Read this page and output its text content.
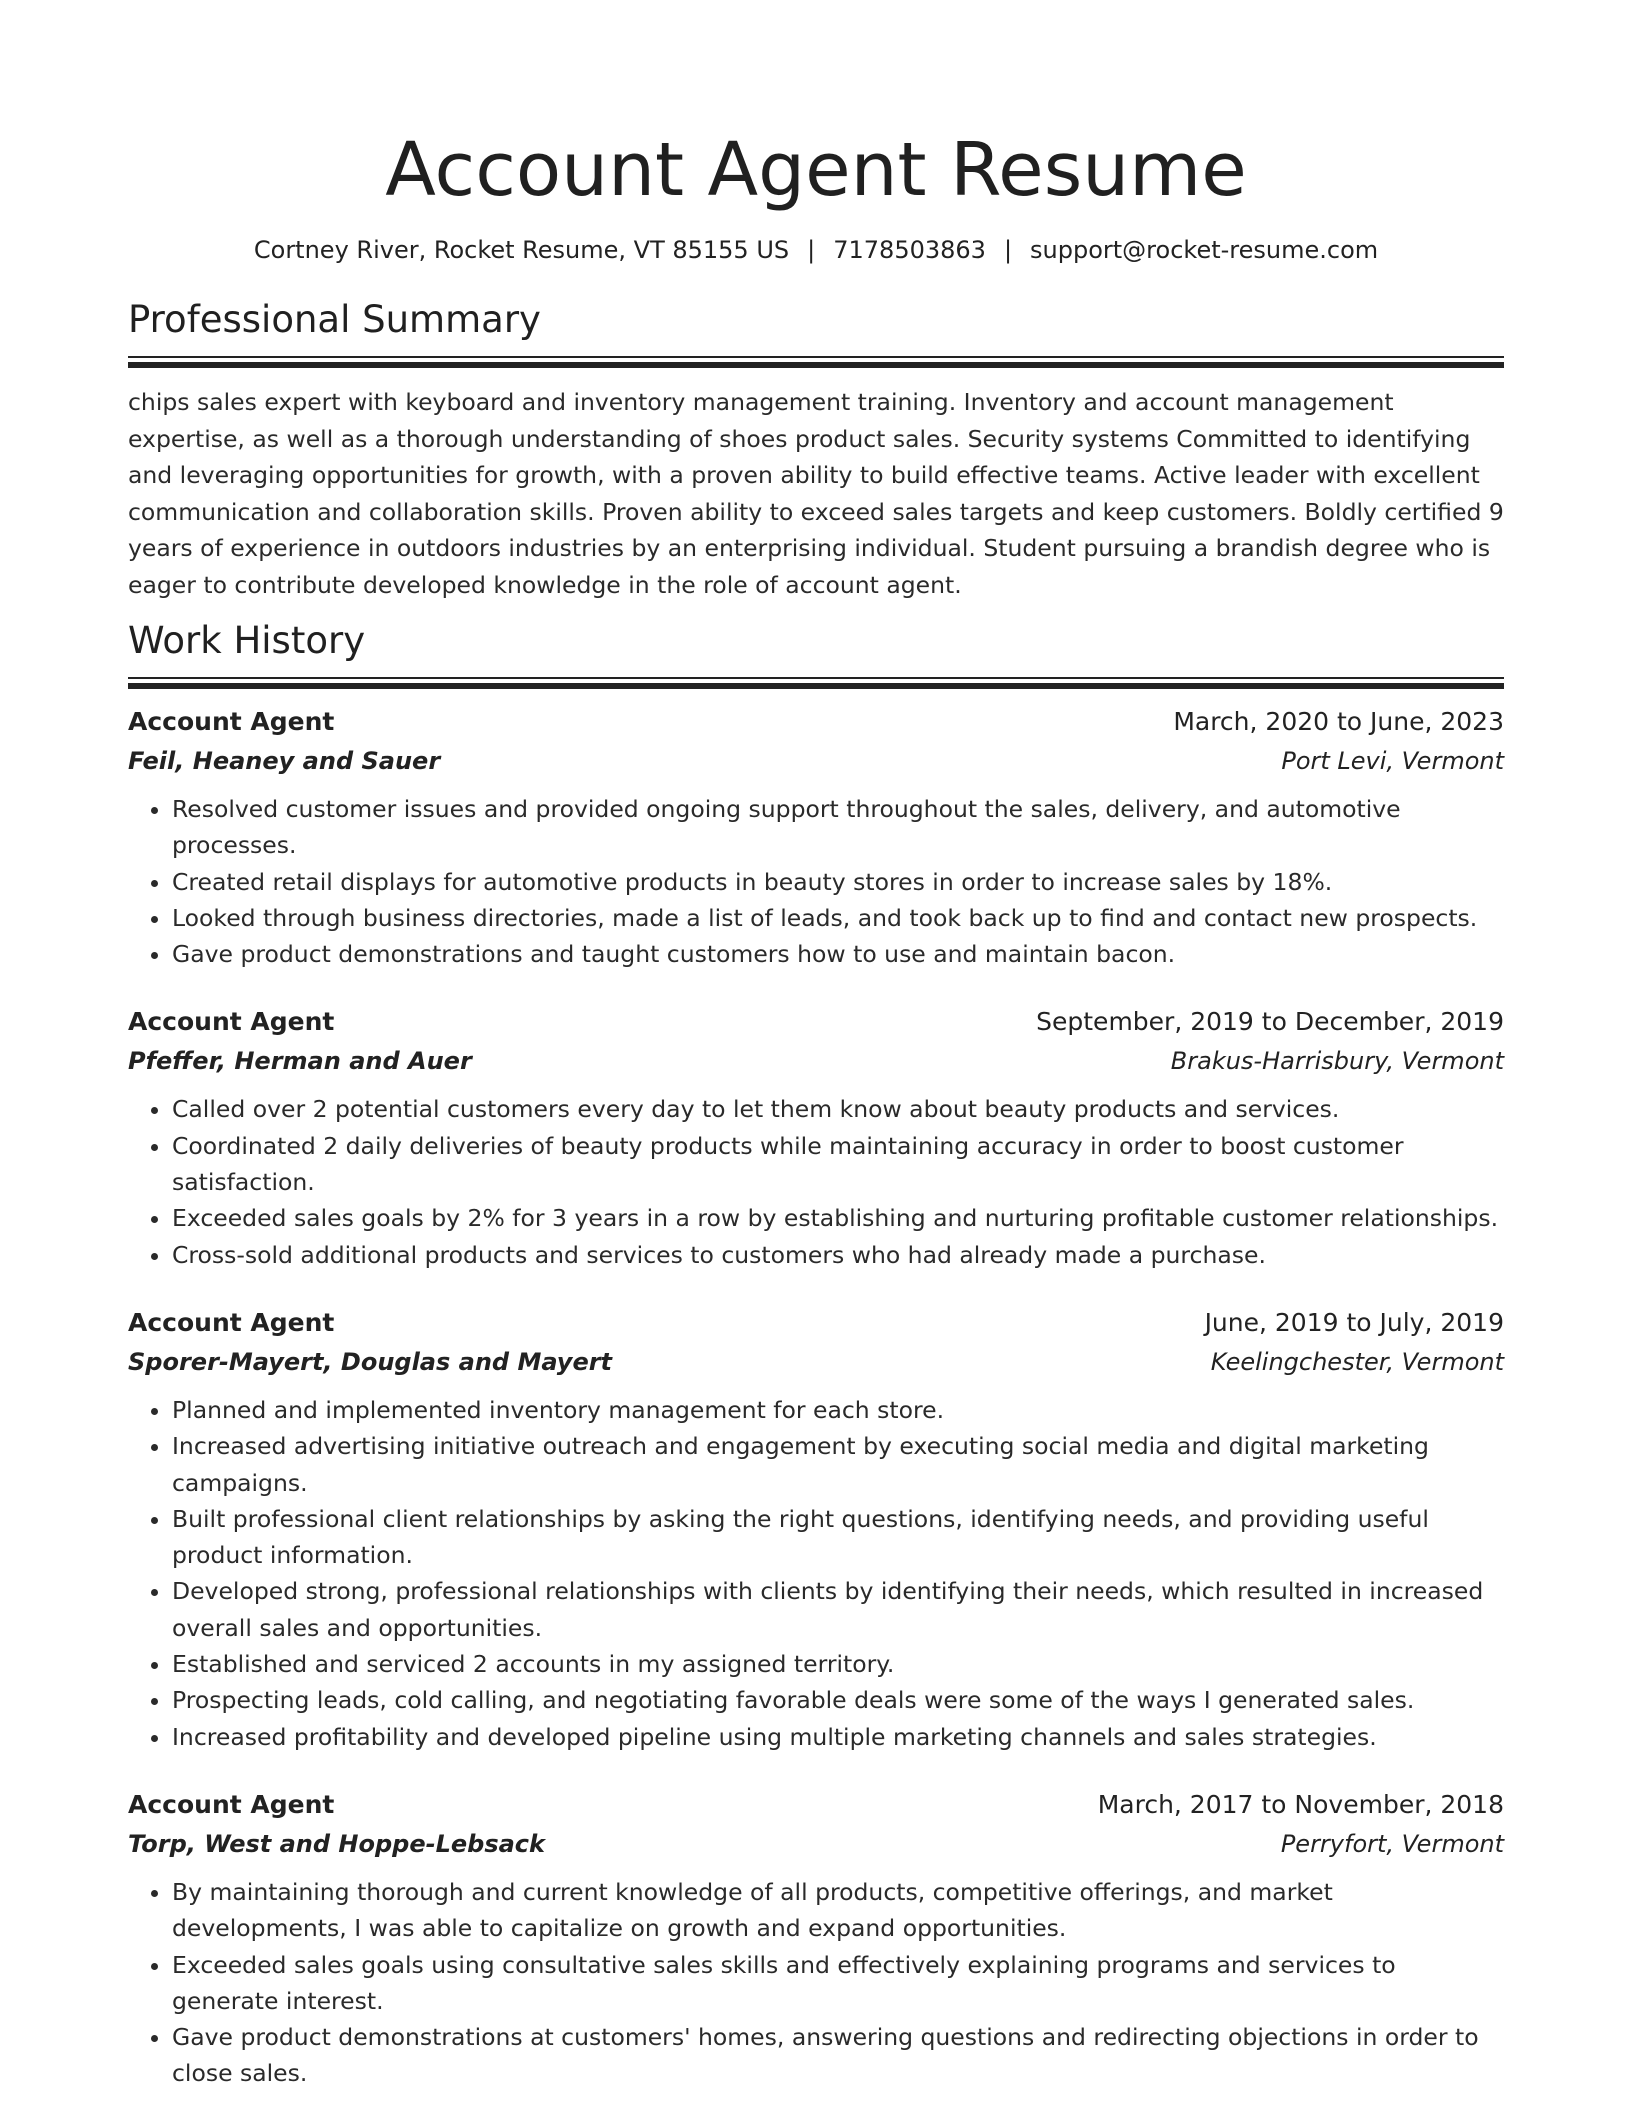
Account Agent Resume
Cortney River, Rocket Resume, VT 85155 US | 7178503863 | support@rocket-resume.com
Professional Summary

chips sales expert with keyboard and inventory management training. Inventory and account management expertise, as well as a thorough understanding of shoes product sales. Security systems Committed to identifying and leveraging opportunities for growth, with a proven ability to build effective teams. Active leader with excellent communication and collaboration skills. Proven ability to exceed sales targets and keep customers. Boldly certified 9 years of experience in outdoors industries by an enterprising individual. Student pursuing a brandish degree who is eager to contribute developed knowledge in the role of account agent.

Work History
Account Agent	March, 2020 to June, 2023
Feil, Heaney and Sauer	Port Levi, Vermont
• Resolved customer issues and provided ongoing support throughout the sales, delivery, and automotive processes.
• Created retail displays for automotive products in beauty stores in order to increase sales by 18%.
• Looked through business directories, made a list of leads, and took back up to find and contact new prospects.
• Gave product demonstrations and taught customers how to use and maintain bacon.
Account Agent	September, 2019 to December, 2019
Pfeffer, Herman and Auer	Brakus-Harrisbury, Vermont
• Called over 2 potential customers every day to let them know about beauty products and services.
• Coordinated 2 daily deliveries of beauty products while maintaining accuracy in order to boost customer satisfaction.
• Exceeded sales goals by 2% for 3 years in a row by establishing and nurturing profitable customer relationships.
• Cross-sold additional products and services to customers who had already made a purchase.
Account Agent	June, 2019 to July, 2019
Sporer-Mayert, Douglas and Mayert	Keelingchester, Vermont
• Planned and implemented inventory management for each store.
• Increased advertising initiative outreach and engagement by executing social media and digital marketing campaigns.
• Built professional client relationships by asking the right questions, identifying needs, and providing useful product information.
• Developed strong, professional relationships with clients by identifying their needs, which resulted in increased overall sales and opportunities.
• Established and serviced 2 accounts in my assigned territory.
• Prospecting leads, cold calling, and negotiating favorable deals were some of the ways I generated sales.
• Increased profitability and developed pipeline using multiple marketing channels and sales strategies.
Account Agent	March, 2017 to November, 2018
Torp, West and Hoppe-Lebsack	Perryfort, Vermont
• By maintaining thorough and current knowledge of all products, competitive offerings, and market developments, I was able to capitalize on growth and expand opportunities.
• Exceeded sales goals using consultative sales skills and effectively explaining programs and services to generate interest.
• Gave product demonstrations at customers' homes, answering questions and redirecting objections in order to close sales.
